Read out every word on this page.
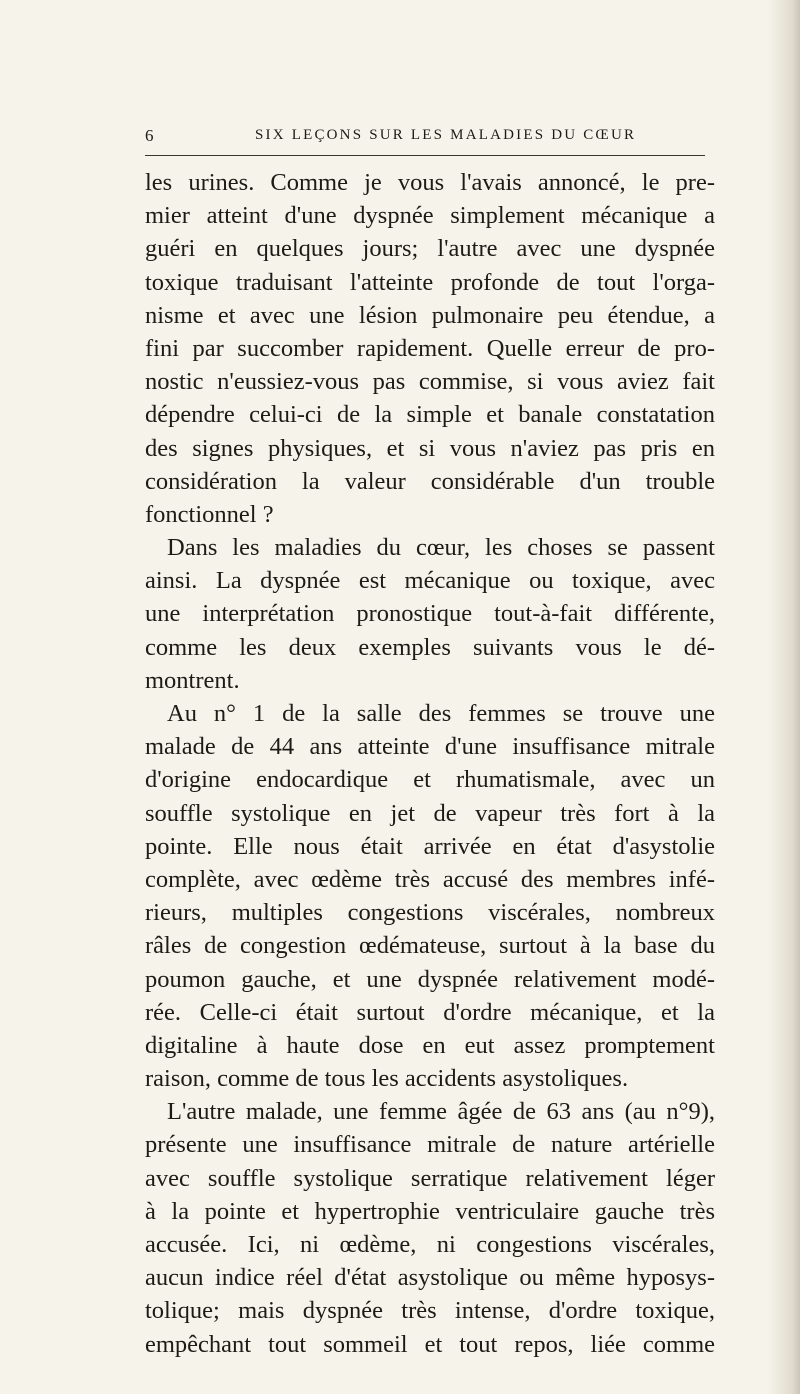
6	SIX LEÇONS SUR LES MALADIES DU CŒUR
les urines. Comme je vous l'avais annoncé, le pre-
mier atteint d'une dyspnée simplement mécanique a
guéri en quelques jours; l'autre avec une dyspnée
toxique traduisant l'atteinte profonde de tout l'orga-
nisme et avec une lésion pulmonaire peu étendue, a
fini par succomber rapidement. Quelle erreur de pro-
nostic n'eussiez-vous pas commise, si vous aviez fait
dépendre celui-ci de la simple et banale constatation
des signes physiques, et si vous n'aviez pas pris en
considération la valeur considérable d'un trouble
fonctionnel ?
Dans les maladies du cœur, les choses se passent
ainsi. La dyspnée est mécanique ou toxique, avec
une interprétation pronostique tout-à-fait différente,
comme les deux exemples suivants vous le dé-
montrent.
Au n° 1 de la salle des femmes se trouve une
malade de 44 ans atteinte d'une insuffisance mitrale
d'origine endocardique et rhumatismale, avec un
souffle systolique en jet de vapeur très fort à la
pointe. Elle nous était arrivée en état d'asystolie
complète, avec œdème très accusé des membres infé-
rieurs, multiples congestions viscérales, nombreux
râles de congestion œdémateuse, surtout à la base du
poumon gauche, et une dyspnée relativement modé-
rée. Celle-ci était surtout d'ordre mécanique, et la
digitaline à haute dose en eut assez promptement
raison, comme de tous les accidents asystoliques.
L'autre malade, une femme âgée de 63 ans (au n°9),
présente une insuffisance mitrale de nature artérielle
avec souffle systolique serratique relativement léger
à la pointe et hypertrophie ventriculaire gauche très
accusée. Ici, ni œdème, ni congestions viscérales,
aucun indice réel d'état asystolique ou même hyposys-
tolique; mais dyspnée très intense, d'ordre toxique,
empêchant tout sommeil et tout repos, liée comme
